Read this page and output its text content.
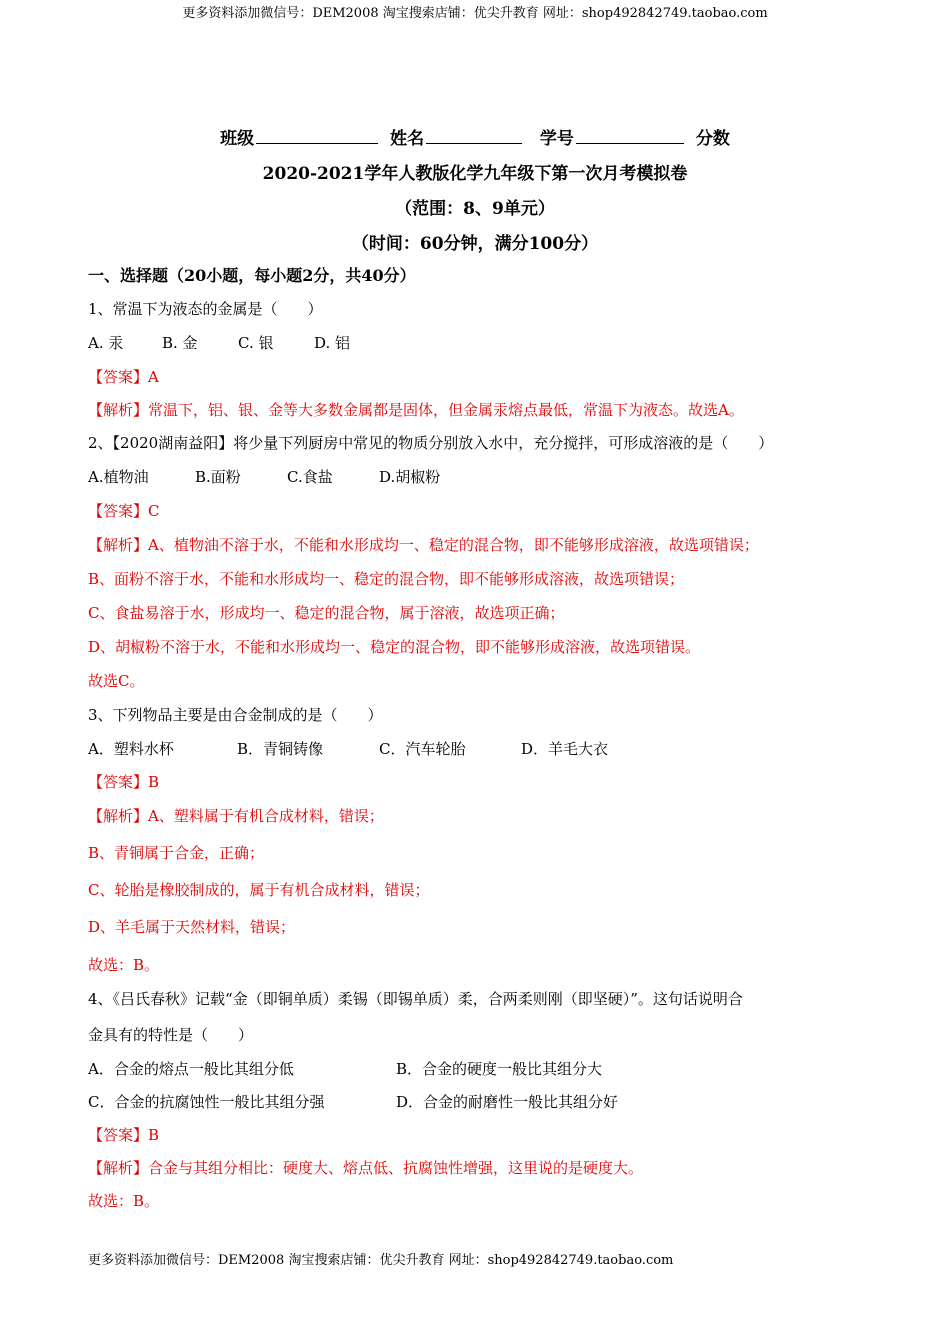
更多资料添加微信号：DEM2008 淘宝搜索店铺：优尖升教育 网址：shop492842749.taobao.com
班级	姓名	学号	分数
2020-2021学年人教版化学九年级下第一次月考模拟卷
（范围：8、9单元）
（时间：60分钟，满分100分）
一、选择题（20小题，每小题2分，共40分）
1、常温下为液态的金属是（　　）
A. 汞	B. 金	C. 银	D. 铝
【答案】A
【解析】常温下，铝、银、金等大多数金属都是固体，但金属汞熔点最低，常温下为液态。故选A。
2、【2020湖南益阳】将少量下列厨房中常见的物质分别放入水中，充分搅拌，可形成溶液的是（　　）
A.植物油	B.面粉	C.食盐	D.胡椒粉
【答案】C
【解析】A、植物油不溶于水，不能和水形成均一、稳定的混合物，即不能够形成溶液，故选项错误；
B、面粉不溶于水，不能和水形成均一、稳定的混合物，即不能够形成溶液，故选项错误；
C、食盐易溶于水，形成均一、稳定的混合物，属于溶液，故选项正确；
D、胡椒粉不溶于水，不能和水形成均一、稳定的混合物，即不能够形成溶液，故选项错误。
故选C。
3、下列物品主要是由合金制成的是（　　）
A．塑料水杯	B．青铜铸像	C．汽车轮胎	D．羊毛大衣
【答案】B
【解析】A、塑料属于有机合成材料，错误；
B、青铜属于合金，正确；
C、轮胎是橡胶制成的，属于有机合成材料，错误；
D、羊毛属于天然材料，错误；
故选：B。
4、《吕氏春秋》记载“金（即铜单质）柔锡（即锡单质）柔，合两柔则刚（即坚硬）”。这句话说明合
金具有的特性是（　　）
A．合金的熔点一般比其组分低	B．合金的硬度一般比其组分大
C．合金的抗腐蚀性一般比其组分强	D．合金的耐磨性一般比其组分好
【答案】B
【解析】合金与其组分相比：硬度大、熔点低、抗腐蚀性增强，这里说的是硬度大。
故选：B。
更多资料添加微信号：DEM2008 淘宝搜索店铺：优尖升教育 网址：shop492842749.taobao.com
